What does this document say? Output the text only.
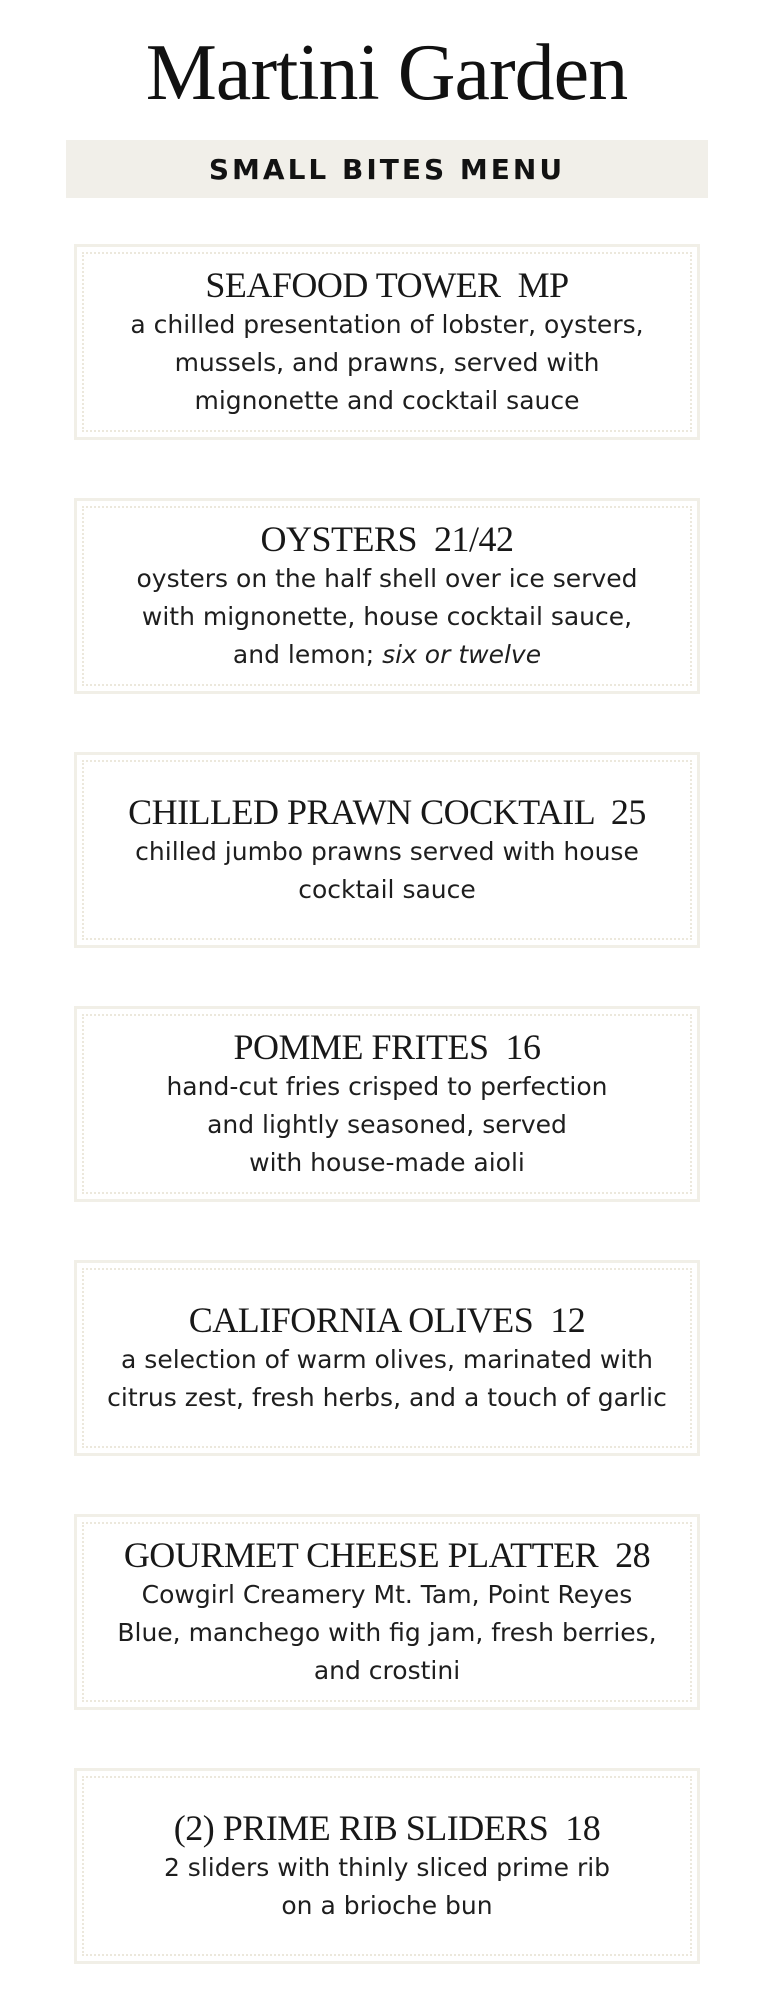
Martini Garden
SMALL BITES MENU
SEAFOOD TOWER  MP
a chilled presentation of lobster, oysters,
mussels, and prawns, served with
mignonette and cocktail sauce
OYSTERS  21/42
oysters on the half shell over ice served
with mignonette, house cocktail sauce,
and lemon; six or twelve
CHILLED PRAWN COCKTAIL  25
chilled jumbo prawns served with house
cocktail sauce
POMME FRITES  16
hand-cut fries crisped to perfection
and lightly seasoned, served
with house-made aioli
CALIFORNIA OLIVES  12
a selection of warm olives, marinated with
citrus zest, fresh herbs, and a touch of garlic
GOURMET CHEESE PLATTER  28
Cowgirl Creamery Mt. Tam, Point Reyes
Blue, manchego with fig jam, fresh berries,
and crostini
(2) PRIME RIB SLIDERS  18
2 sliders with thinly sliced prime rib
on a brioche bun
